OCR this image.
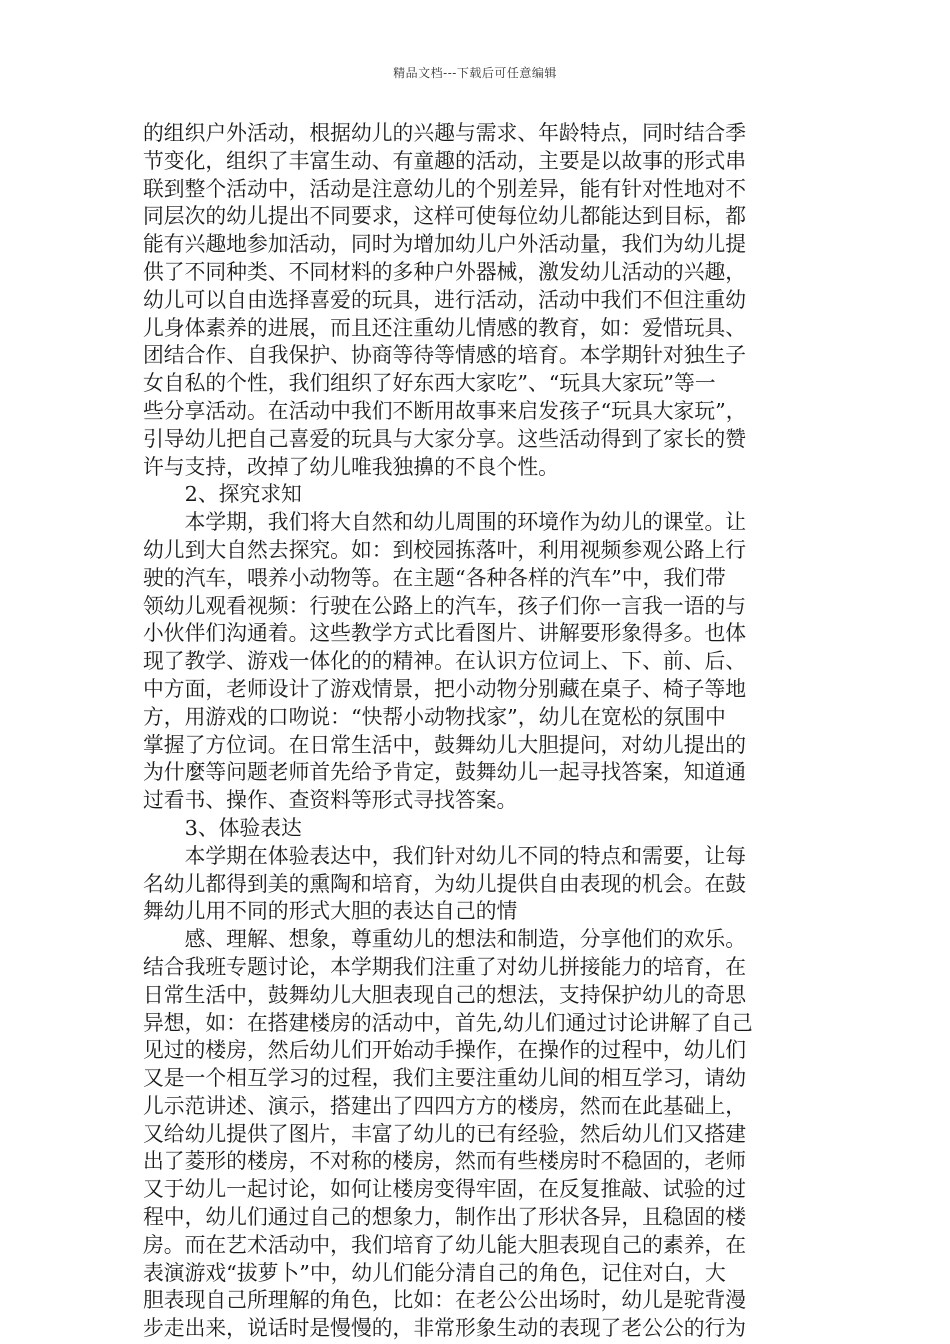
精品文档---下载后可任意编辑
的组织户外活动，根据幼儿的兴趣与需求、年龄特点，同时结合季
节变化，组织了丰富生动、有童趣的活动，主要是以故事的形式串
联到整个活动中，活动是注意幼儿的个别差异，能有针对性地对不
同层次的幼儿提出不同要求，这样可使每位幼儿都能达到目标，都
能有兴趣地参加活动，同时为增加幼儿户外活动量，我们为幼儿提
供了不同种类、不同材料的多种户外器械，激发幼儿活动的兴趣，
幼儿可以自由选择喜爱的玩具，进行活动，活动中我们不但注重幼
儿身体素养的进展，而且还注重幼儿情感的教育，如：爱惜玩具、
团结合作、自我保护、协商等待等情感的培育。本学期针对独生子
女自私的个性，我们组织了好东西大家吃”、“玩具大家玩”等一
些分享活动。在活动中我们不断用故事来启发孩子“玩具大家玩”，
引导幼儿把自己喜爱的玩具与大家分享。这些活动得到了家长的赞
许与支持，改掉了幼儿唯我独擤的不良个性。
　　2、探究求知
　　本学期，我们将大自然和幼儿周围的环境作为幼儿的课堂。让
幼儿到大自然去探究。如：到校园拣落叶，利用视频参观公路上行
驶的汽车，喂养小动物等。在主题“各种各样的汽车”中，我们带
领幼儿观看视频：行驶在公路上的汽车，孩子们你一言我一语的与
小伙伴们沟通着。这些教学方式比看图片、讲解要形象得多。也体
现了教学、游戏一体化的的精神。在认识方位词上、下、前、后、
中方面，老师设计了游戏情景，把小动物分别藏在桌子、椅子等地
方，用游戏的口吻说：“快帮小动物找家”，幼儿在宽松的氛围中
掌握了方位词。在日常生活中，鼓舞幼儿大胆提问，对幼儿提出的
为什麼等问题老师首先给予肯定，鼓舞幼儿一起寻找答案，知道通
过看书、操作、查资料等形式寻找答案。
　　3、体验表达
　　本学期在体验表达中，我们针对幼儿不同的特点和需要，让每
名幼儿都得到美的熏陶和培育，为幼儿提供自由表现的机会。在鼓
舞幼儿用不同的形式大胆的表达自己的情
　　感、理解、想象，尊重幼儿的想法和制造，分享他们的欢乐。
结合我班专题讨论，本学期我们注重了对幼儿拼接能力的培育，在
日常生活中，鼓舞幼儿大胆表现自己的想法，支持保护幼儿的奇思
异想，如：在搭建楼房的活动中，首先,幼儿们通过讨论讲解了自己
见过的楼房，然后幼儿们开始动手操作，在操作的过程中，幼儿们
又是一个相互学习的过程，我们主要注重幼儿间的相互学习，请幼
儿示范讲述、演示，搭建出了四四方方的楼房，然而在此基础上，
又给幼儿提供了图片，丰富了幼儿的已有经验，然后幼儿们又搭建
出了菱形的楼房，不对称的楼房，然而有些楼房时不稳固的，老师
又于幼儿一起讨论，如何让楼房变得牢固，在反复推敲、试验的过
程中，幼儿们通过自己的想象力，制作出了形状各异，且稳固的楼
房。而在艺术活动中，我们培育了幼儿能大胆表现自己的素养，在
表演游戏“拔萝卜”中，幼儿们能分清自己的角色，记住对白，大
胆表现自己所理解的角色，比如：在老公公出场时，幼儿是驼背漫
步走出来，说话时是慢慢的，非常形象生动的表现了老公公的行为
